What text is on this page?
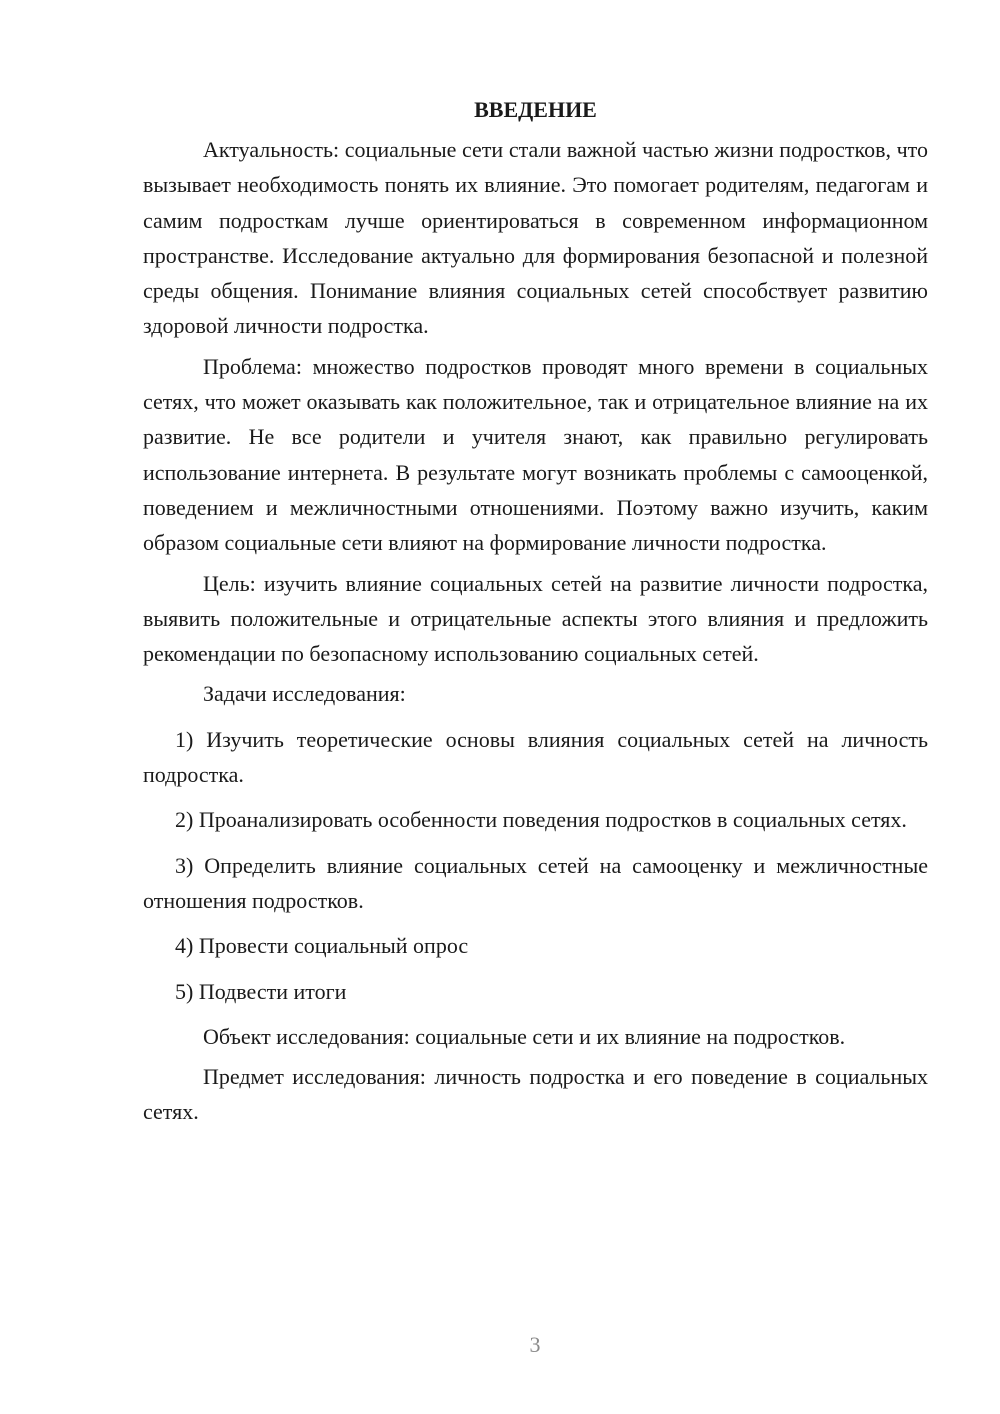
ВВЕДЕНИЕ

Актуальность: социальные сети стали важной частью жизни подростков, что вызывает необходимость понять их влияние. Это помогает родителям, педагогам и самим подросткам лучше ориентироваться в современном информационном пространстве. Исследование актуально для формирования безопасной и полезной среды общения. Понимание влияния социальных сетей способствует развитию здоровой личности подростка.

Проблема: множество подростков проводят много времени в социальных сетях, что может оказывать как положительное, так и отрицательное влияние на их развитие. Не все родители и учителя знают, как правильно регулировать использование интернета. В результате могут возникать проблемы с самооценкой, поведением и межличностными отношениями. Поэтому важно изучить, каким образом социальные сети влияют на формирование личности подростка.

Цель: изучить влияние социальных сетей на развитие личности подростка, выявить положительные и отрицательные аспекты этого влияния и предложить рекомендации по безопасному использованию социальных сетей.

Задачи исследования:

1) Изучить теоретические основы влияния социальных сетей на личность подростка.

2) Проанализировать особенности поведения подростков в социальных сетях.

3) Определить влияние социальных сетей на самооценку и межличностные отношения подростков.

4) Провести социальный опрос

5) Подвести итоги

Объект исследования: социальные сети и их влияние на подростков.

Предмет исследования: личность подростка и его поведение в социальных сетях.

3
